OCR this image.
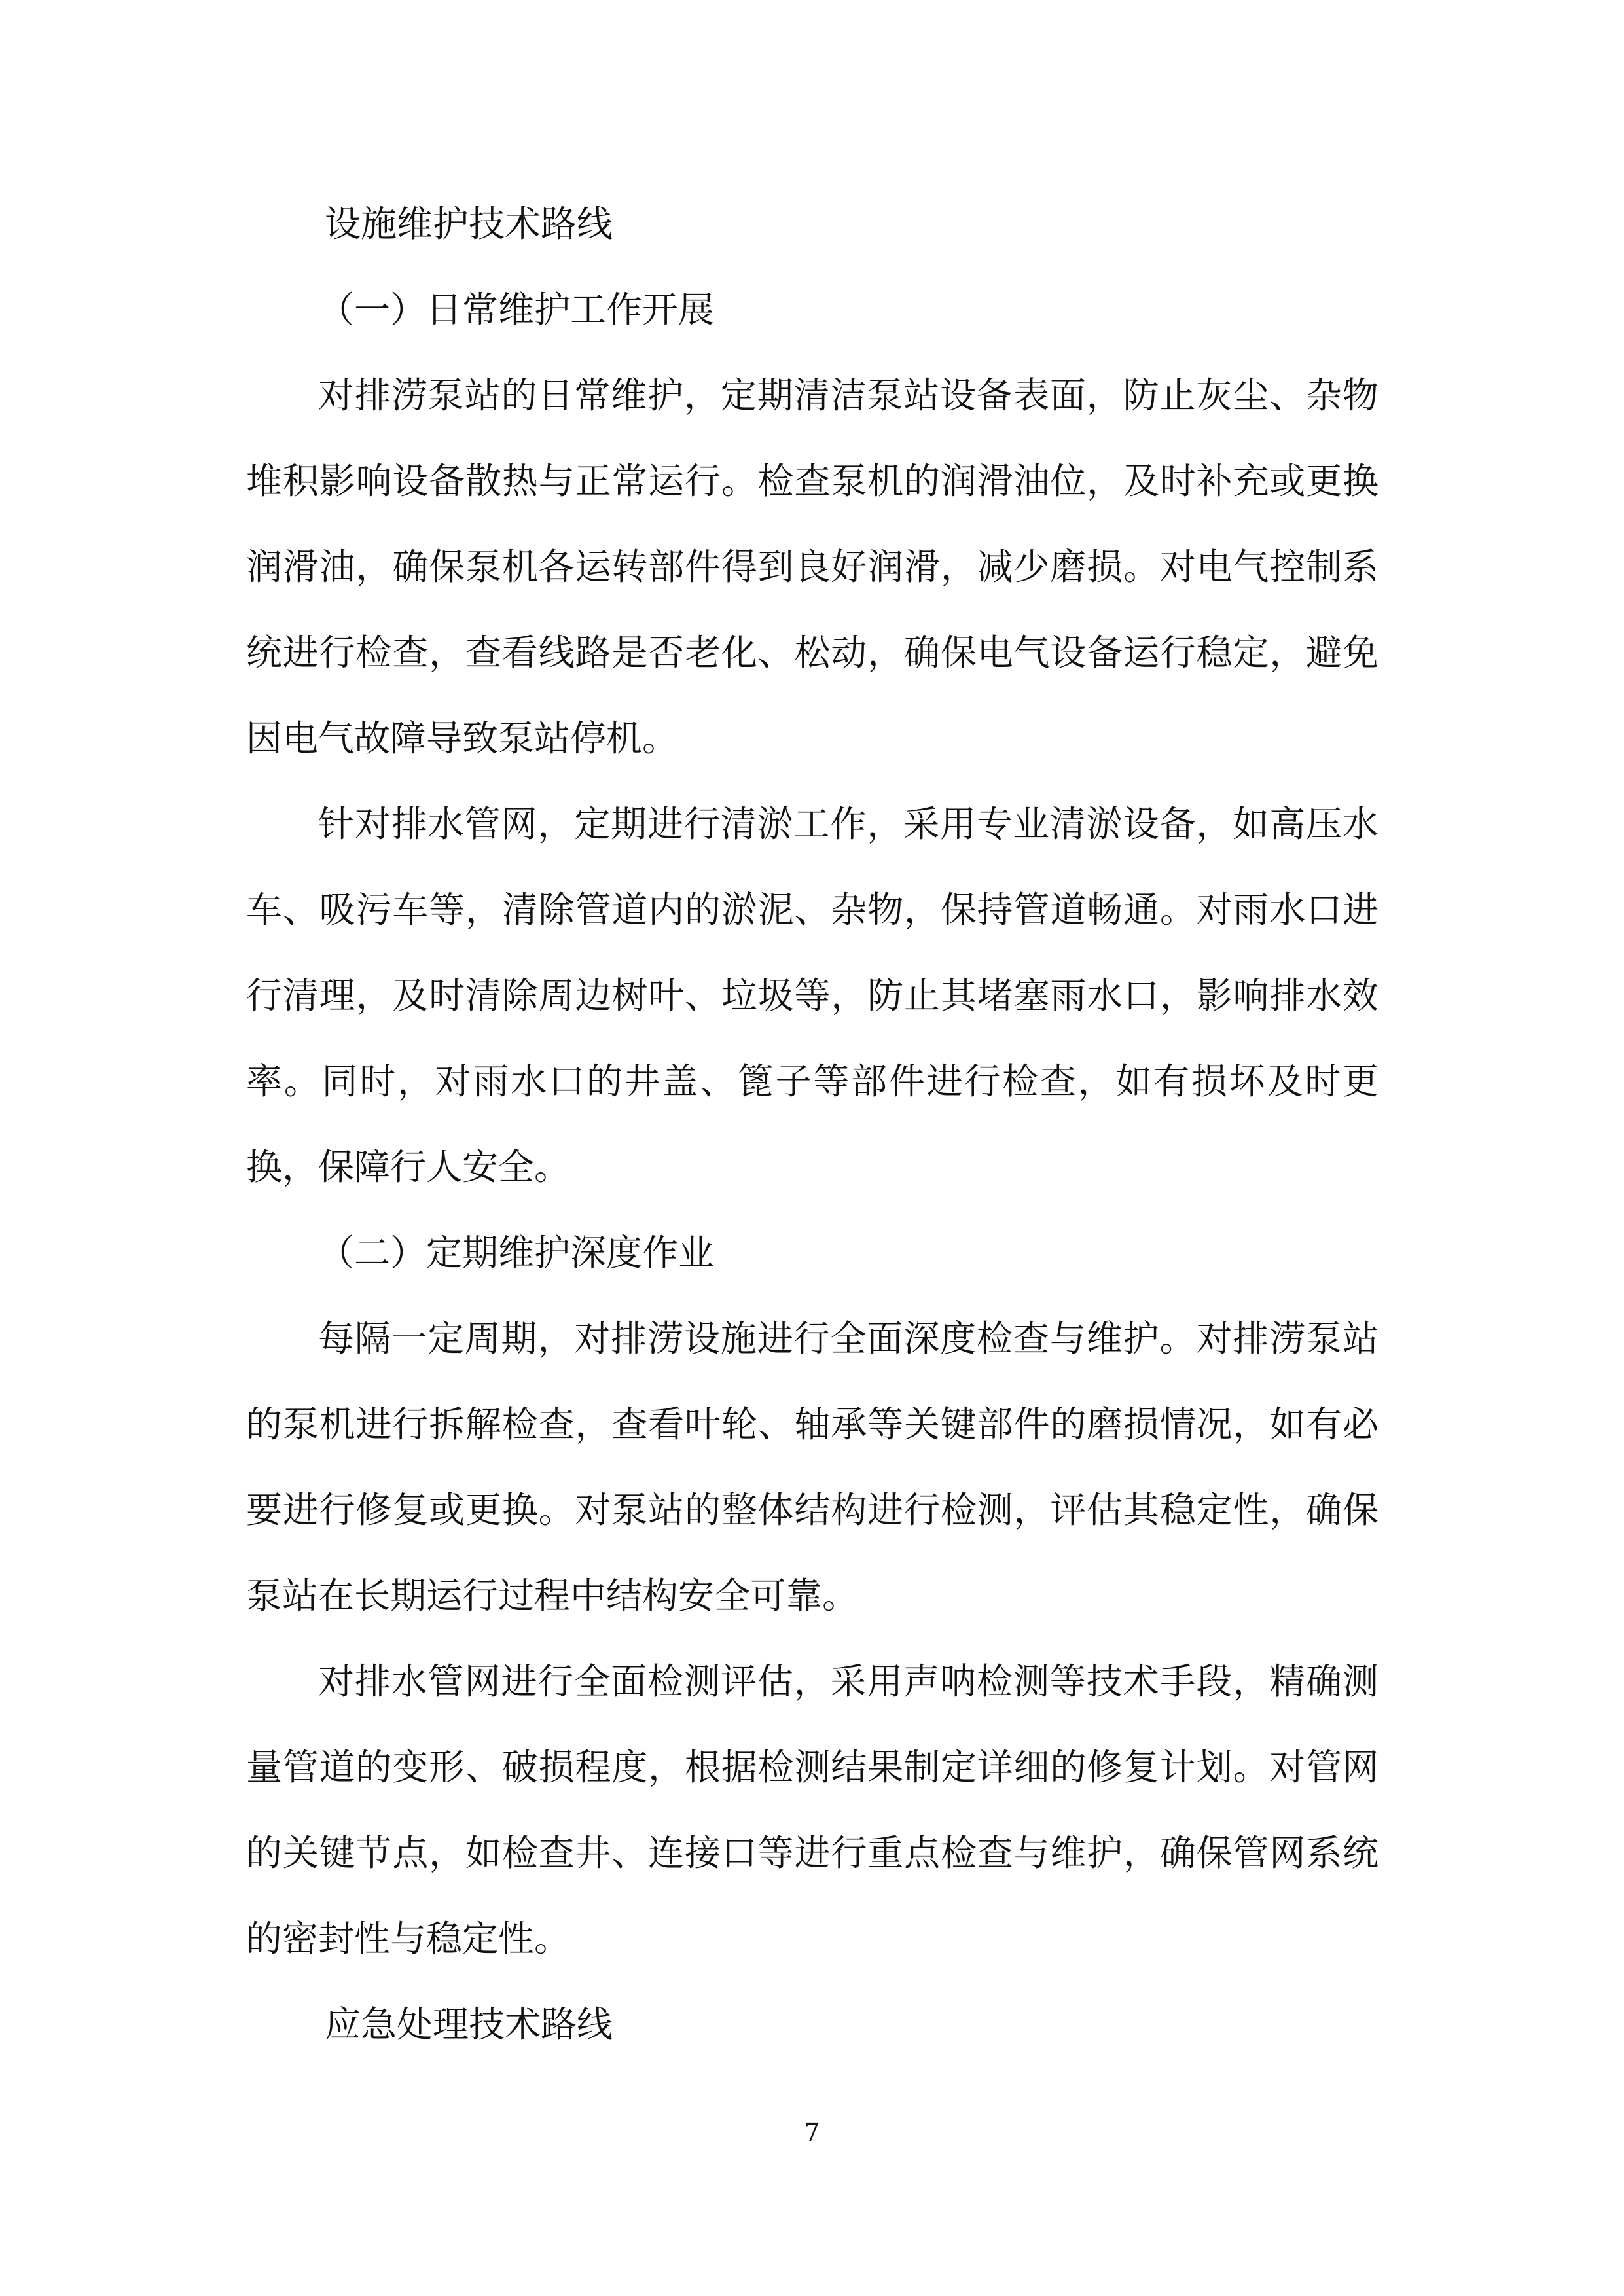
设施维护技术路线

（一）日常维护工作开展

对排涝泵站的日常维护，定期清洁泵站设备表面，防止灰尘、杂物堆积影响设备散热与正常运行。检查泵机的润滑油位，及时补充或更换润滑油，确保泵机各运转部件得到良好润滑，减少磨损。对电气控制系统进行检查，查看线路是否老化、松动，确保电气设备运行稳定，避免因电气故障导致泵站停机。

针对排水管网，定期进行清淤工作，采用专业清淤设备，如高压水车、吸污车等，清除管道内的淤泥、杂物，保持管道畅通。对雨水口进行清理，及时清除周边树叶、垃圾等，防止其堵塞雨水口，影响排水效率。同时，对雨水口的井盖、篦子等部件进行检查，如有损坏及时更换，保障行人安全。

（二）定期维护深度作业

每隔一定周期，对排涝设施进行全面深度检查与维护。对排涝泵站的泵机进行拆解检查，查看叶轮、轴承等关键部件的磨损情况，如有必要进行修复或更换。对泵站的整体结构进行检测，评估其稳定性，确保泵站在长期运行过程中结构安全可靠。

对排水管网进行全面检测评估，采用声呐检测等技术手段，精确测量管道的变形、破损程度，根据检测结果制定详细的修复计划。对管网的关键节点，如检查井、连接口等进行重点检查与维护，确保管网系统的密封性与稳定性。

应急处理技术路线

7
